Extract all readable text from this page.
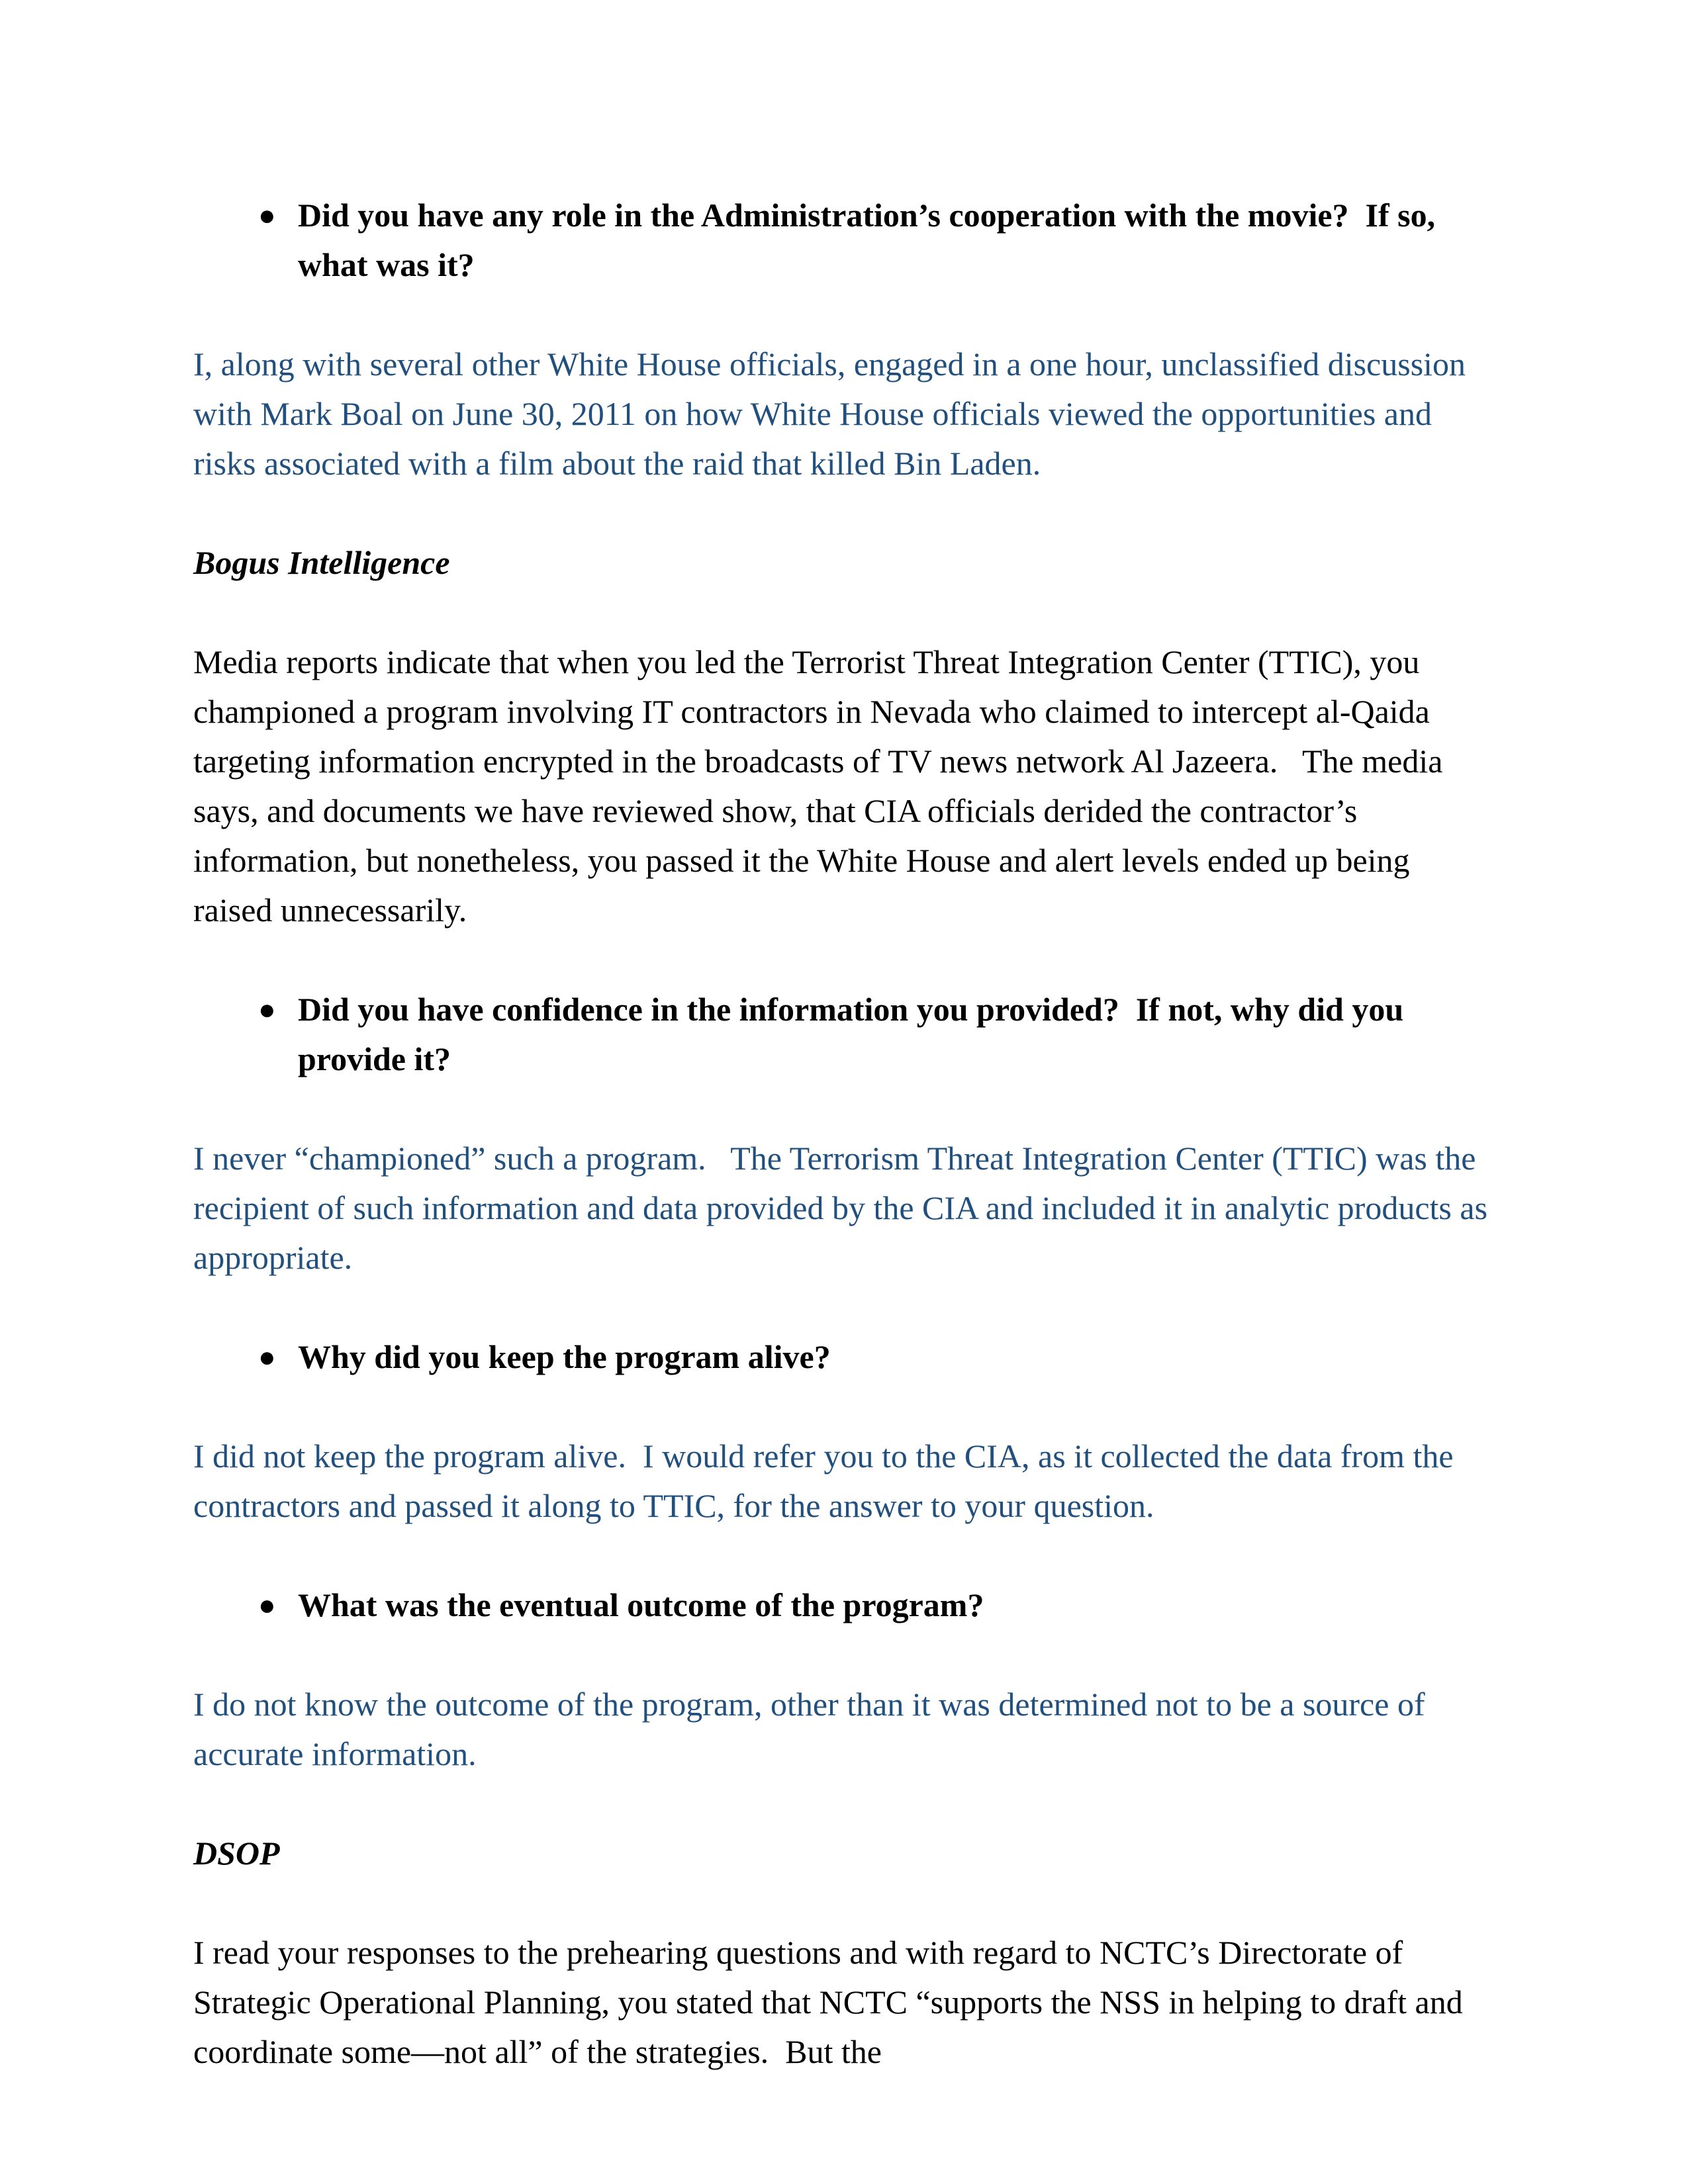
● Did you have any role in the Administration’s cooperation with the movie?  If so, what was it?

I, along with several other White House officials, engaged in a one hour, unclassified discussion with Mark Boal on June 30, 2011 on how White House officials viewed the opportunities and risks associated with a film about the raid that killed Bin Laden.

Bogus Intelligence

Media reports indicate that when you led the Terrorist Threat Integration Center (TTIC), you championed a program involving IT contractors in Nevada who claimed to intercept al-Qaida targeting information encrypted in the broadcasts of TV news network Al Jazeera.   The media says, and documents we have reviewed show, that CIA officials derided the contractor’s information, but nonetheless, you passed it the White House and alert levels ended up being raised unnecessarily.

● Did you have confidence in the information you provided?  If not, why did you provide it?

I never “championed” such a program.   The Terrorism Threat Integration Center (TTIC) was the recipient of such information and data provided by the CIA and included it in analytic products as appropriate.

● Why did you keep the program alive?

I did not keep the program alive.  I would refer you to the CIA, as it collected the data from the contractors and passed it along to TTIC, for the answer to your question.

● What was the eventual outcome of the program?

I do not know the outcome of the program, other than it was determined not to be a source of accurate information.

DSOP

I read your responses to the prehearing questions and with regard to NCTC’s Directorate of Strategic Operational Planning, you stated that NCTC “supports the NSS in helping to draft and coordinate some—not all” of the strategies.  But the
